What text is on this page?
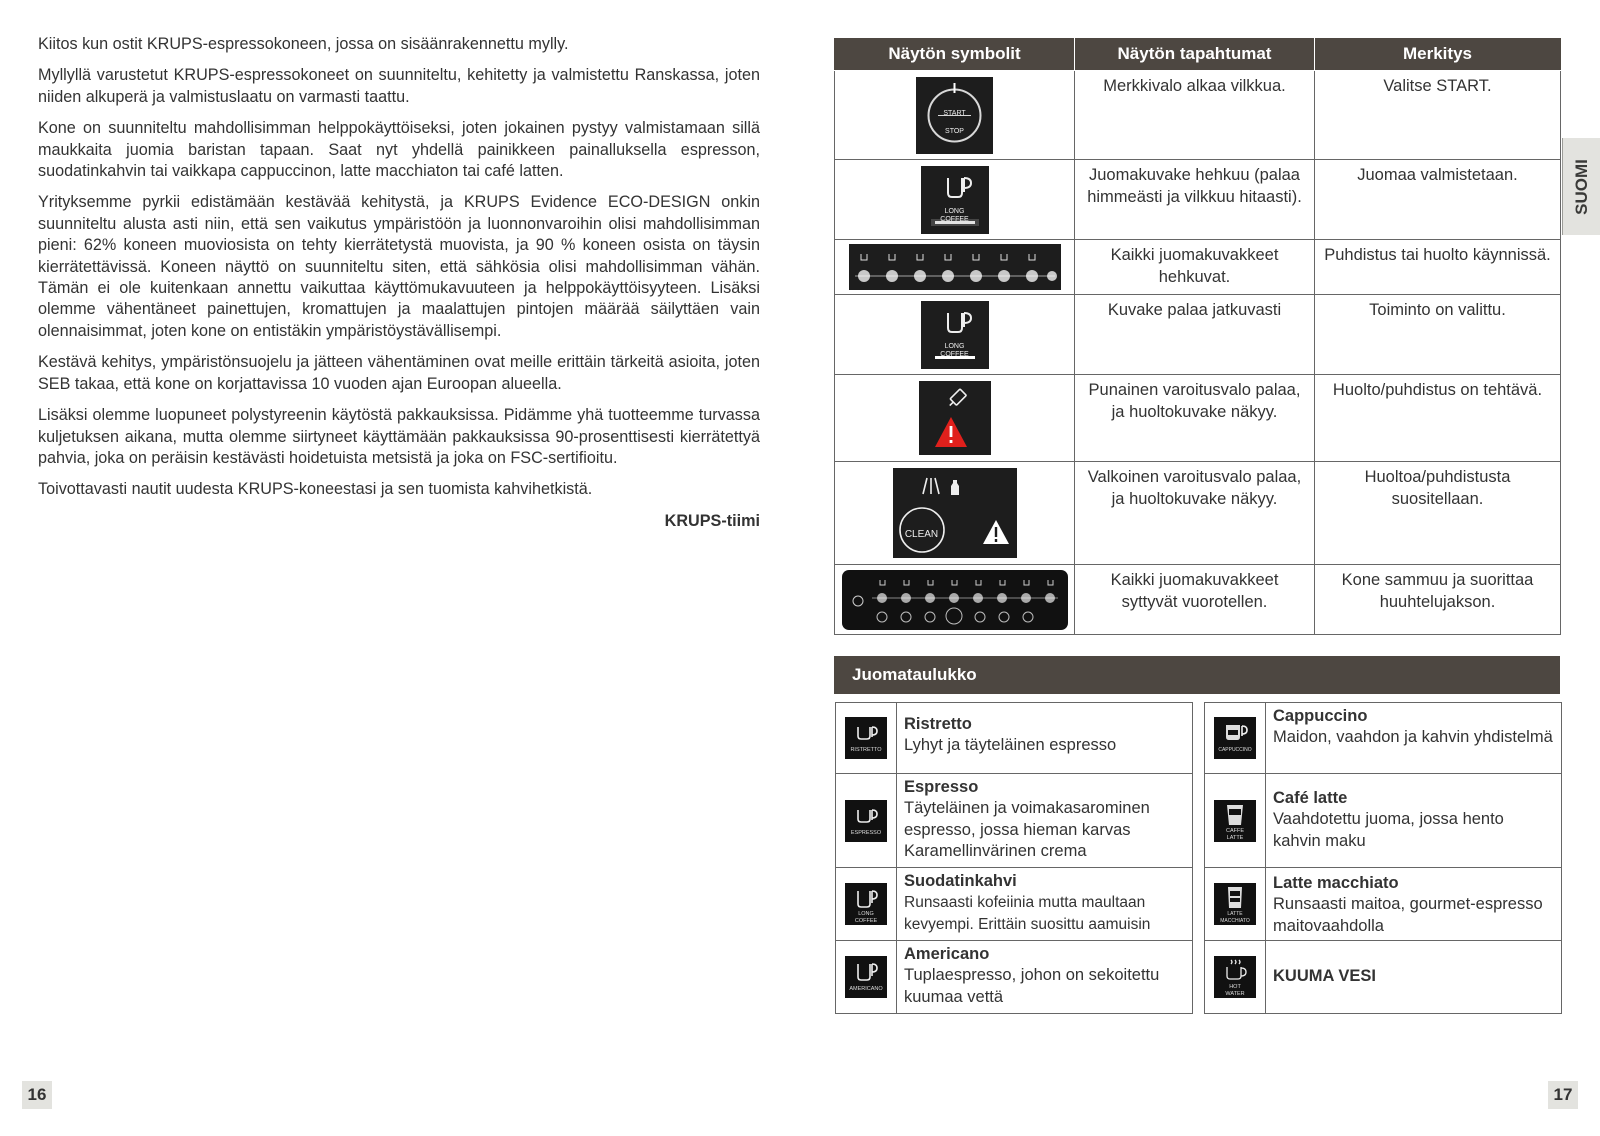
Kiitos kun ostit KRUPS-espressokoneen, jossa on sisäänrakennettu mylly.

Myllyllä varustetut KRUPS-espressokoneet on suunniteltu, kehitetty ja valmistettu Ranskassa, joten niiden alkuperä ja valmistuslaatu on varmasti taattu.

Kone on suunniteltu mahdollisimman helppokäyttöiseksi, joten jokainen pystyy valmistamaan sillä maukkaita juomia baristan tapaan. Saat nyt yhdellä painikkeen painalluksella espresson, suodatinkahvin tai vaikkapa cappuccinon, latte macchiaton tai café latten.

Yrityksemme pyrkii edistämään kestävää kehitystä, ja KRUPS Evidence ECO-DESIGN onkin suunniteltu alusta asti niin, että sen vaikutus ympäristöön ja luonnonvaroihin olisi mahdollisimman pieni: 62% koneen muoviosista on tehty kierrätetystä muovista, ja 90 % koneen osista on täysin kierrätettävissä. Koneen näyttö on suunniteltu siten, että sähkösia olisi mahdollisimman vähän. Tämän ei ole kuitenkaan annettu vaikuttaa käyttömukavuuteen ja helppokäyttöisyyteen. Lisäksi olemme vähentäneet painettujen, kromattujen ja maalattujen pintojen määrää säilyttäen vain olennaisimmat, joten kone on entistäkin ympäristöystävällisempi.

Kestävä kehitys, ympäristönsuojelu ja jätteen vähentäminen ovat meille erittäin tärkeitä asioita, joten SEB takaa, että kone on korjattavissa 10 vuoden ajan Euroopan alueella.

Lisäksi olemme luopuneet polystyreenin käytöstä pakkauksissa. Pidämme yhä tuotteemme turvassa kuljetuksen aikana, mutta olemme siirtyneet käyttämään pakkauksissa 90-prosenttisesti kierrätettyä pahvia, joka on peräisin kestävästi hoidetuista metsistä ja joka on FSC-sertifioitu.

Toivottavasti nautit uudesta KRUPS-koneestasi ja sen tuomista kahvihetkistä.

KRUPS-tiimi

16	17
SUOMI
Näytön symbolit	Näytön tapahtumat	Merkitys

START
STOP	Merkkivalo alkaa vilkkua.	Valitse START.

LONG
COFFEE	Juomakuvake hehkuu (palaa himmeästi ja vilkkuu hitaasti).	Juomaa valmistetaan.

	Kaikki juomakuvakkeet hehkuvat.	Puhdistus tai huolto käynnissä.

LONG
COFFEE	Kuvake palaa jatkuvasti	Toiminto on valittu.

	Punainen varoitusvalo palaa, ja huoltokuvake näkyy.	Huolto/puhdistus on tehtävä.

CLEAN	Valkoinen varoitusvalo palaa, ja huoltokuvake näkyy.	Huoltoa/puhdistusta suositellaan.

	Kaikki juomakuvakkeet syttyvät vuorotellen.	Kone sammuu ja suorittaa huuhtelujakson.
Juomataulukko
RISTRETTO
Ristretto
Lyhyt ja täyteläinen espresso
ESPRESSO
Espresso
Täyteläinen ja voimakasarominen espresso, jossa hieman karvas Karamellinvärinen crema
LONG COFFEE
Suodatinkahvi
Runsaasti kofeiinia mutta maultaan kevyempi. Erittäin suosittu aamuisin
AMERICANO
Americano
Tuplaespresso, johon on sekoitettu kuumaa vettä
CAPPUCCINO
Cappuccino
Maidon, vaahdon ja kahvin yhdistelmä
CAFFE LATTE
Café latte
Vaahdotettu juoma, jossa hento kahvin maku
LATTE MACCHIATO
Latte macchiato
Runsaasti maitoa, gourmet-espresso maitovaahdolla
HOT WATER
KUUMA VESI
